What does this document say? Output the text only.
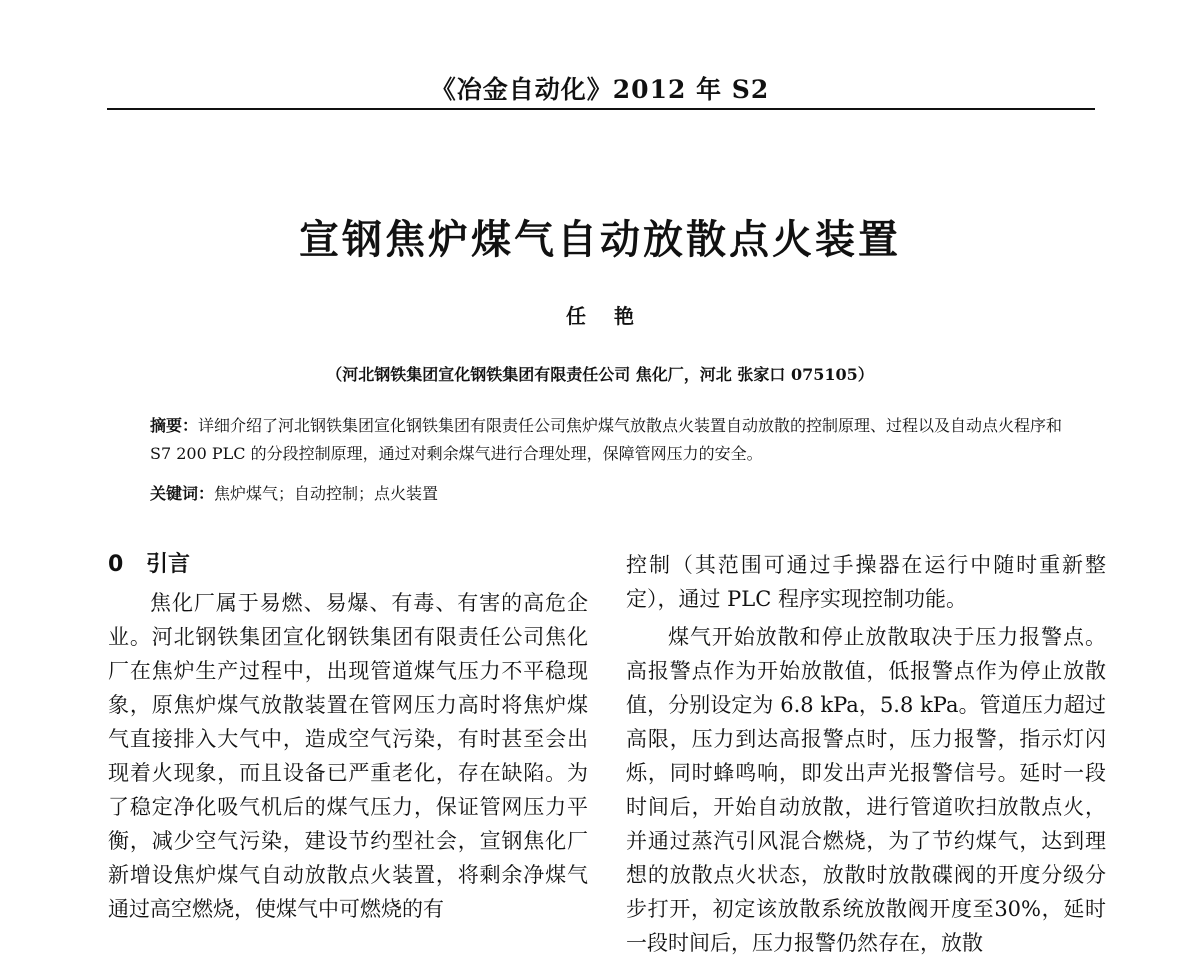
《冶金自动化》2012 年 S2
宣钢焦炉煤气自动放散点火装置
任艳
（河北钢铁集团宣化钢铁集团有限责任公司 焦化厂，河北 张家口 075105）
摘要：详细介绍了河北钢铁集团宣化钢铁集团有限责任公司焦炉煤气放散点火装置自动放散的控制原理、过程以及自动点火程序和 S7 200 PLC 的分段控制原理，通过对剩余煤气进行合理处理，保障管网压力的安全。
关键词：焦炉煤气；自动控制；点火装置
0 引言

焦化厂属于易燃、易爆、有毒、有害的高危企业。河北钢铁集团宣化钢铁集团有限责任公司焦化厂在焦炉生产过程中，出现管道煤气压力不平稳现象，原焦炉煤气放散装置在管网压力高时将焦炉煤气直接排入大气中，造成空气污染，有时甚至会出现着火现象，而且设备已严重老化，存在缺陷。为了稳定净化吸气机后的煤气压力，保证管网压力平衡，减少空气污染，建设节约型社会，宣钢焦化厂新增设焦炉煤气自动放散点火装置，将剩余净煤气通过高空燃烧，使煤气中可燃烧的有

控制（其范围可通过手操器在运行中随时重新整定），通过 PLC 程序实现控制功能。

煤气开始放散和停止放散取决于压力报警点。高报警点作为开始放散值，低报警点作为停止放散值，分别设定为 6.8 kPa，5.8 kPa。管道压力超过高限，压力到达高报警点时，压力报警，指示灯闪烁，同时蜂鸣响，即发出声光报警信号。延时一段时间后，开始自动放散，进行管道吹扫放散点火，并通过蒸汽引风混合燃烧，为了节约煤气，达到理想的放散点火状态，放散时放散碟阀的开度分级分步打开，初定该放散系统放散阀开度至30%，延时一段时间后，压力报警仍然存在，放散
